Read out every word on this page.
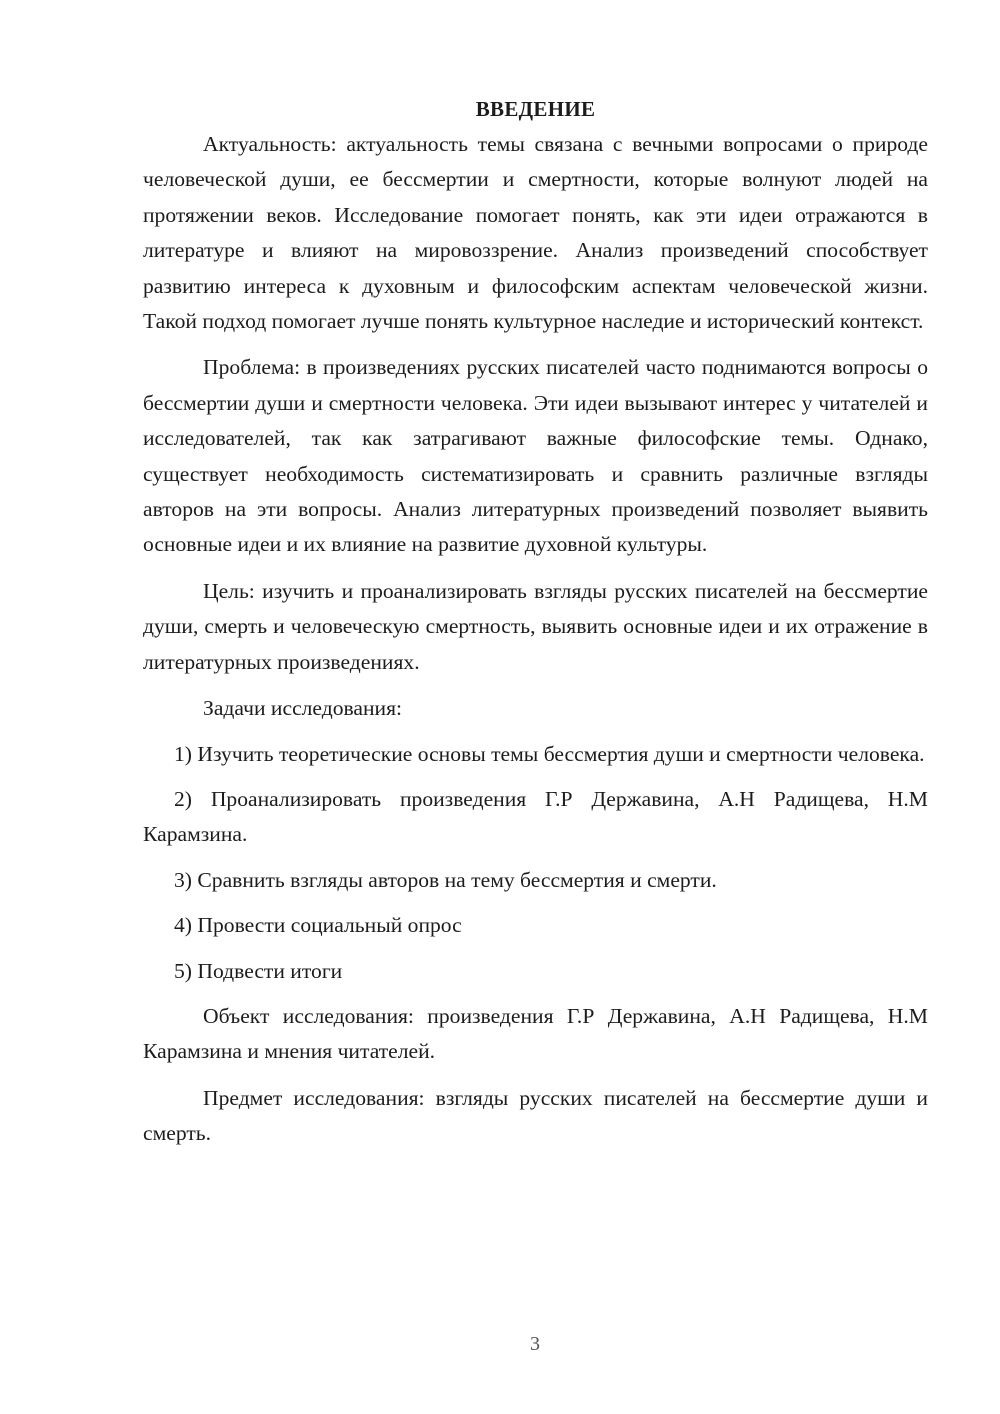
ВВЕДЕНИЕ

Актуальность: актуальность темы связана с вечными вопросами о природе человеческой души, ее бессмертии и смертности, которые волнуют людей на протяжении веков. Исследование помогает понять, как эти идеи отражаются в литературе и влияют на мировоззрение. Анализ произведений способствует развитию интереса к духовным и философским аспектам человеческой жизни. Такой подход помогает лучше понять культурное наследие и исторический контекст.

Проблема: в произведениях русских писателей часто поднимаются вопросы о бессмертии души и смертности человека. Эти идеи вызывают интерес у читателей и исследователей, так как затрагивают важные философские темы. Однако, существует необходимость систематизировать и сравнить различные взгляды авторов на эти вопросы. Анализ литературных произведений позволяет выявить основные идеи и их влияние на развитие духовной культуры.

Цель: изучить и проанализировать взгляды русских писателей на бессмертие души, смерть и человеческую смертность, выявить основные идеи и их отражение в литературных произведениях.

Задачи исследования:

1) Изучить теоретические основы темы бессмертия души и смертности человека.

2) Проанализировать произведения Г.Р Державина, А.Н Радищева, Н.М Карамзина.

3) Сравнить взгляды авторов на тему бессмертия и смерти.

4) Провести социальный опрос

5) Подвести итоги

Объект исследования: произведения Г.Р Державина, А.Н Радищева, Н.М Карамзина и мнения читателей.

Предмет исследования: взгляды русских писателей на бессмертие души и смерть.

3
